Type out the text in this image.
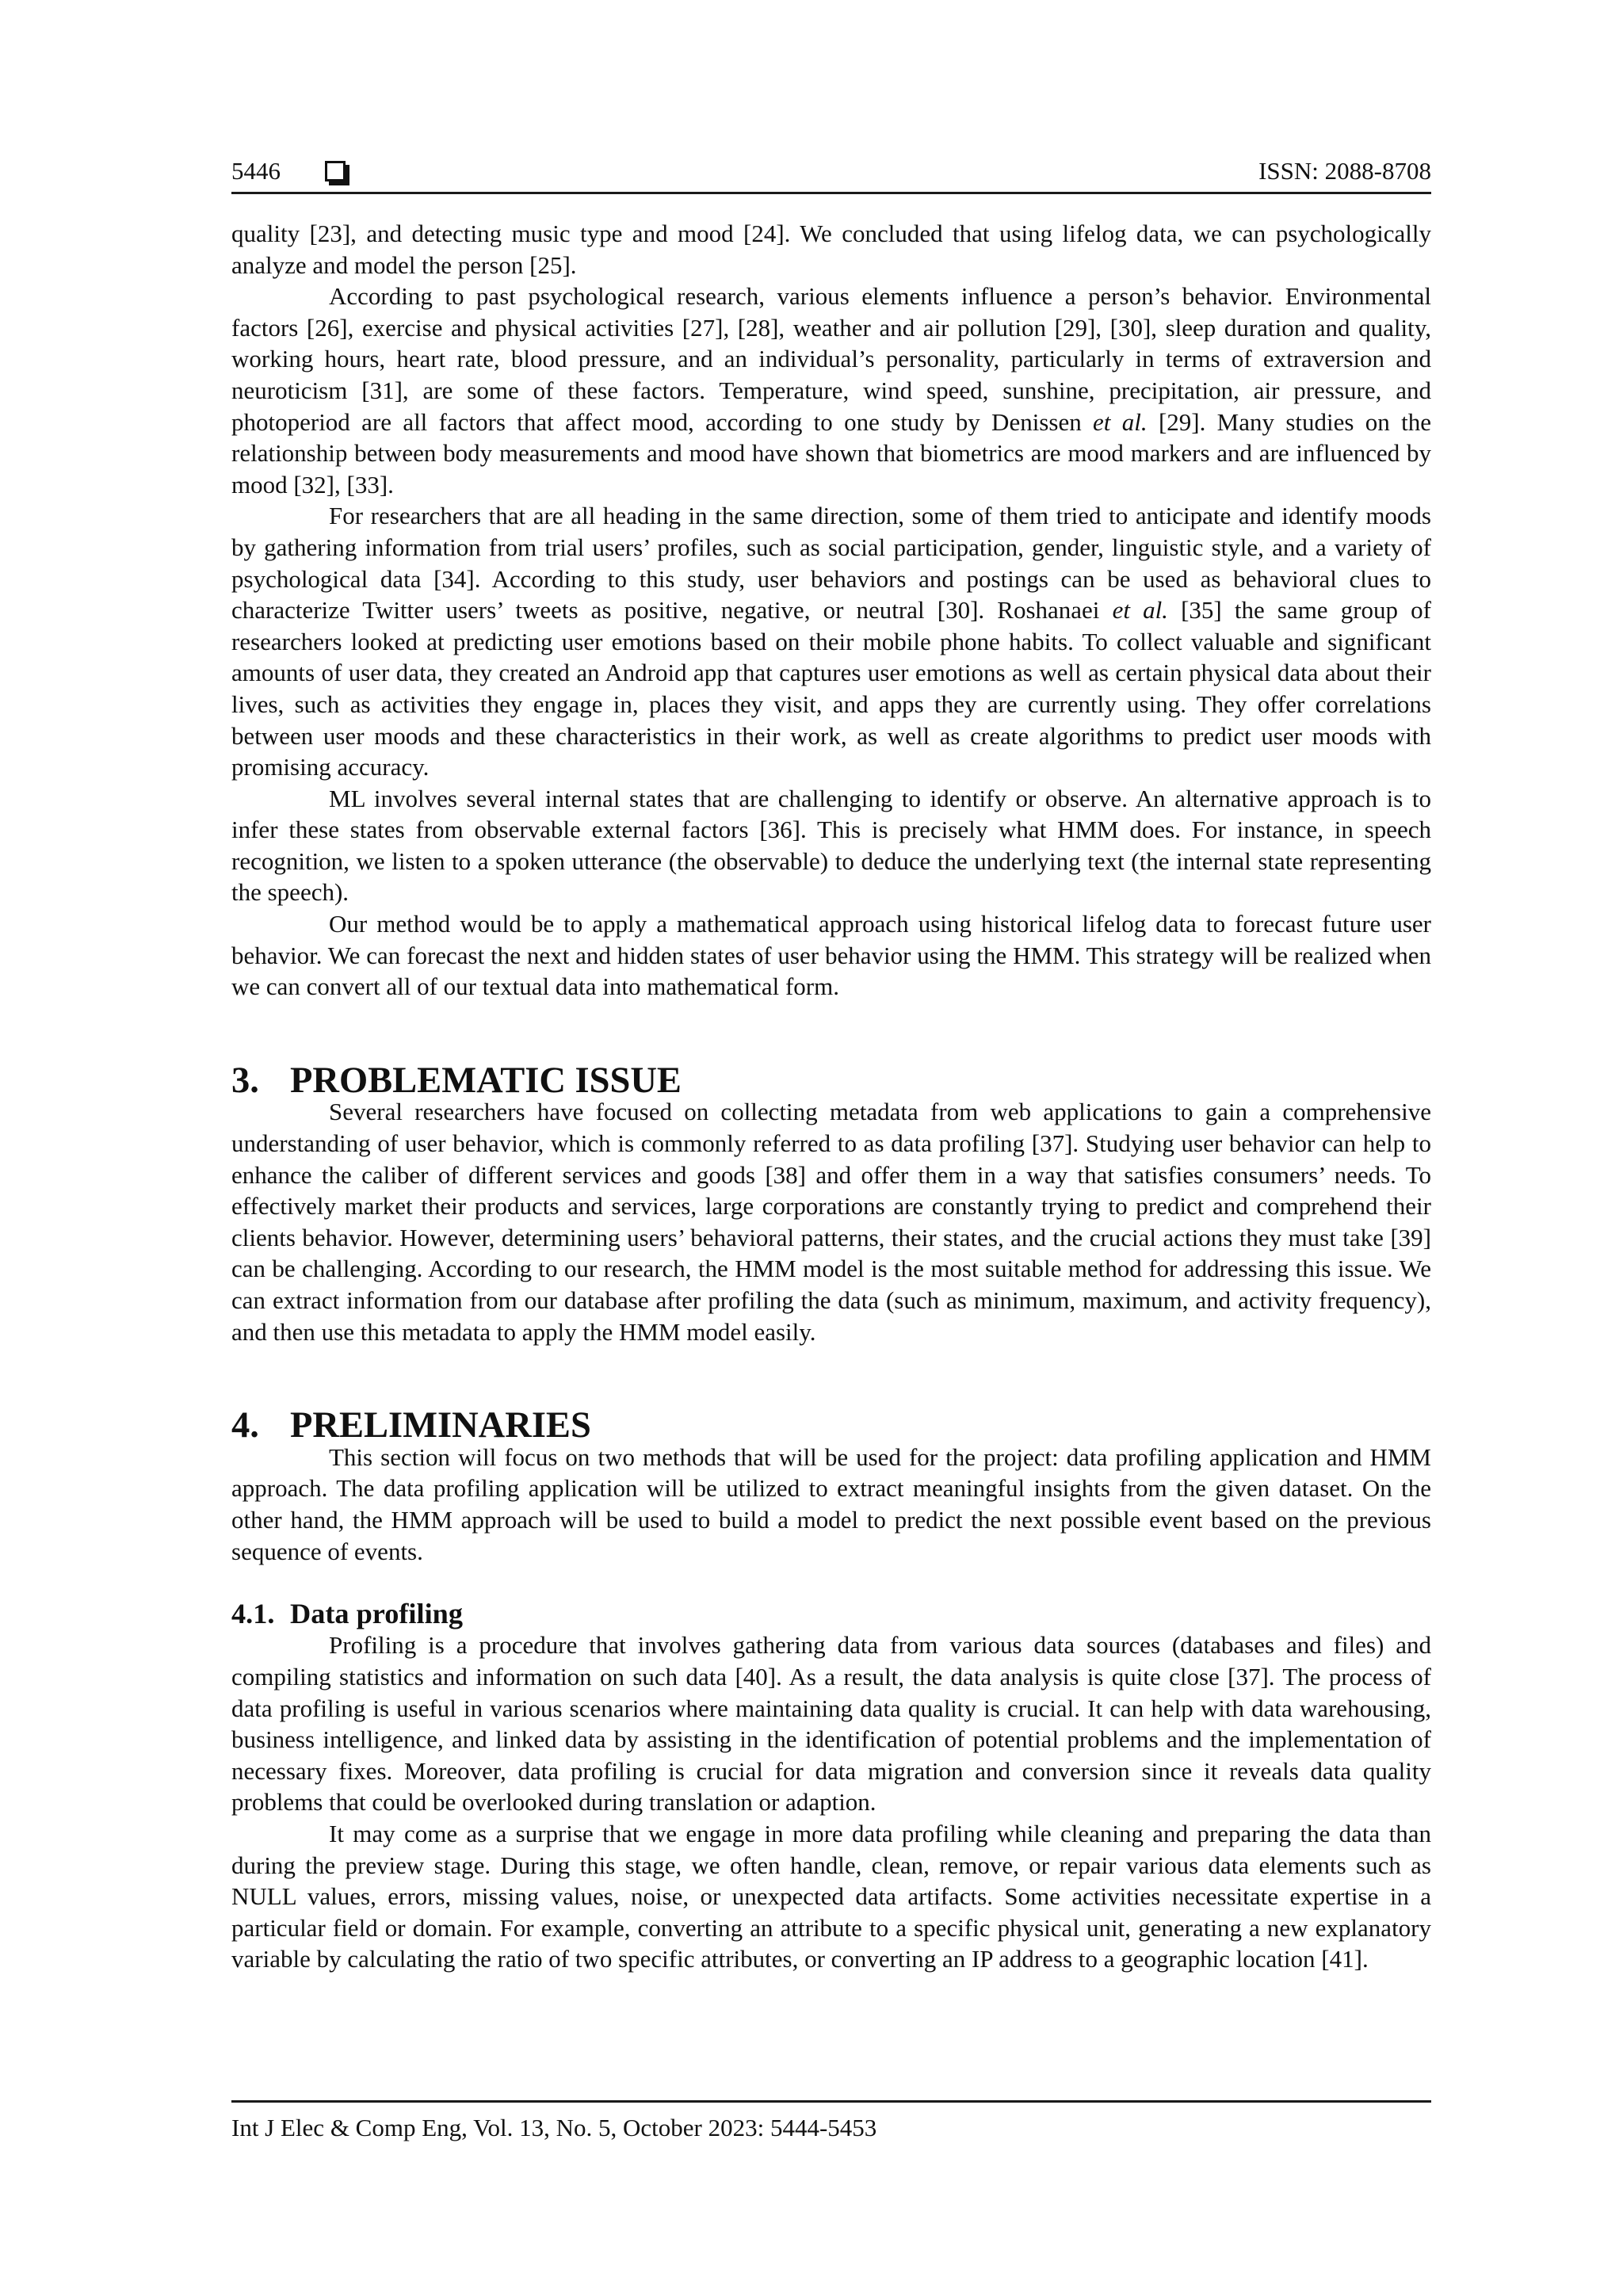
5446	ISSN: 2088-8708

quality [23], and detecting music type and mood [24]. We concluded that using lifelog data, we can psychologically analyze and model the person [25].

According to past psychological research, various elements influence a person’s behavior. Environmental factors [26], exercise and physical activities [27], [28], weather and air pollution [29], [30], sleep duration and quality, working hours, heart rate, blood pressure, and an individual’s personality, particularly in terms of extraversion and neuroticism [31], are some of these factors. Temperature, wind speed, sunshine, precipitation, air pressure, and photoperiod are all factors that affect mood, according to one study by Denissen et al. [29]. Many studies on the relationship between body measurements and mood have shown that biometrics are mood markers and are influenced by mood [32], [33].

For researchers that are all heading in the same direction, some of them tried to anticipate and identify moods by gathering information from trial users’ profiles, such as social participation, gender, linguistic style, and a variety of psychological data [34]. According to this study, user behaviors and postings can be used as behavioral clues to characterize Twitter users’ tweets as positive, negative, or neutral [30]. Roshanaei et al. [35] the same group of researchers looked at predicting user emotions based on their mobile phone habits. To collect valuable and significant amounts of user data, they created an Android app that captures user emotions as well as certain physical data about their lives, such as activities they engage in, places they visit, and apps they are currently using. They offer correlations between user moods and these characteristics in their work, as well as create algorithms to predict user moods with promising accuracy.

ML involves several internal states that are challenging to identify or observe. An alternative approach is to infer these states from observable external factors [36]. This is precisely what HMM does. For instance, in speech recognition, we listen to a spoken utterance (the observable) to deduce the underlying text (the internal state representing the speech).

Our method would be to apply a mathematical approach using historical lifelog data to forecast future user behavior. We can forecast the next and hidden states of user behavior using the HMM. This strategy will be realized when we can convert all of our textual data into mathematical form.

3. PROBLEMATIC ISSUE

Several researchers have focused on collecting metadata from web applications to gain a comprehensive understanding of user behavior, which is commonly referred to as data profiling [37]. Studying user behavior can help to enhance the caliber of different services and goods [38] and offer them in a way that satisfies consumers’ needs. To effectively market their products and services, large corporations are constantly trying to predict and comprehend their clients behavior. However, determining users’ behavioral patterns, their states, and the crucial actions they must take [39] can be challenging. According to our research, the HMM model is the most suitable method for addressing this issue. We can extract information from our database after profiling the data (such as minimum, maximum, and activity frequency), and then use this metadata to apply the HMM model easily.

4. PRELIMINARIES

This section will focus on two methods that will be used for the project: data profiling application and HMM approach. The data profiling application will be utilized to extract meaningful insights from the given dataset. On the other hand, the HMM approach will be used to build a model to predict the next possible event based on the previous sequence of events.

4.1. Data profiling

Profiling is a procedure that involves gathering data from various data sources (databases and files) and compiling statistics and information on such data [40]. As a result, the data analysis is quite close [37]. The process of data profiling is useful in various scenarios where maintaining data quality is crucial. It can help with data warehousing, business intelligence, and linked data by assisting in the identification of potential problems and the implementation of necessary fixes. Moreover, data profiling is crucial for data migration and conversion since it reveals data quality problems that could be overlooked during translation or adaption.

It may come as a surprise that we engage in more data profiling while cleaning and preparing the data than during the preview stage. During this stage, we often handle, clean, remove, or repair various data elements such as NULL values, errors, missing values, noise, or unexpected data artifacts. Some activities necessitate expertise in a particular field or domain. For example, converting an attribute to a specific physical unit, generating a new explanatory variable by calculating the ratio of two specific attributes, or converting an IP address to a geographic location [41].

Int J Elec & Comp Eng, Vol. 13, No. 5, October 2023: 5444-5453
